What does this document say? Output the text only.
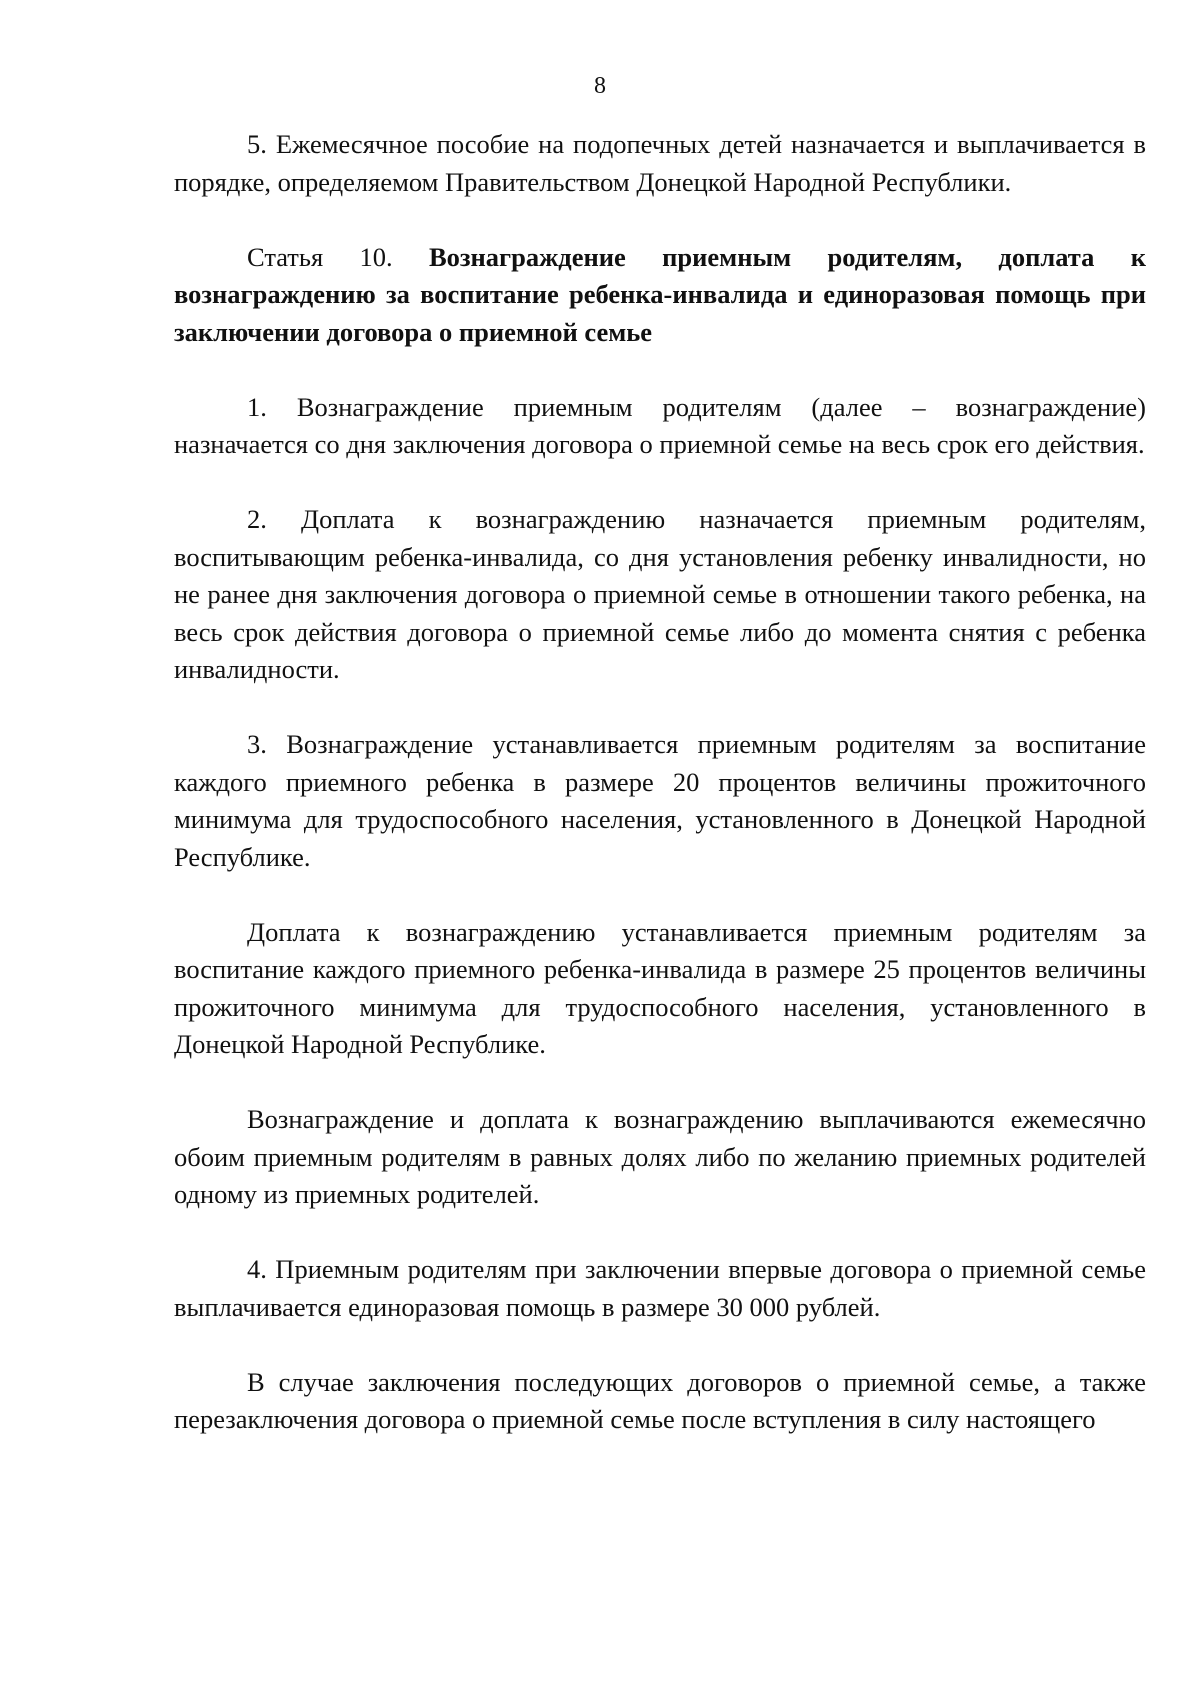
8

5. Ежемесячное пособие на подопечных детей назначается и выплачивается в порядке, определяемом Правительством Донецкой Народной Республики.

Статья 10. Вознаграждение приемным родителям, доплата к вознаграждению за воспитание ребенка-инвалида и единоразовая помощь при заключении договора о приемной семье

1. Вознаграждение приемным родителям (далее – вознаграждение) назначается со дня заключения договора о приемной семье на весь срок его действия.

2. Доплата к вознаграждению назначается приемным родителям, воспитывающим ребенка-инвалида, со дня установления ребенку инвалидности, но не ранее дня заключения договора о приемной семье в отношении такого ребенка, на весь срок действия договора о приемной семье либо до момента снятия с ребенка инвалидности.

3. Вознаграждение устанавливается приемным родителям за воспитание каждого приемного ребенка в размере 20 процентов величины прожиточного минимума для трудоспособного населения, установленного в Донецкой Народной Республике.

Доплата к вознаграждению устанавливается приемным родителям за воспитание каждого приемного ребенка-инвалида в размере 25 процентов величины прожиточного минимума для трудоспособного населения, установленного в Донецкой Народной Республике.

Вознаграждение и доплата к вознаграждению выплачиваются ежемесячно обоим приемным родителям в равных долях либо по желанию приемных родителей одному из приемных родителей.

4. Приемным родителям при заключении впервые договора о приемной семье выплачивается единоразовая помощь в размере 30 000 рублей.

В случае заключения последующих договоров о приемной семье, а также перезаключения договора о приемной семье после вступления в силу настоящего
